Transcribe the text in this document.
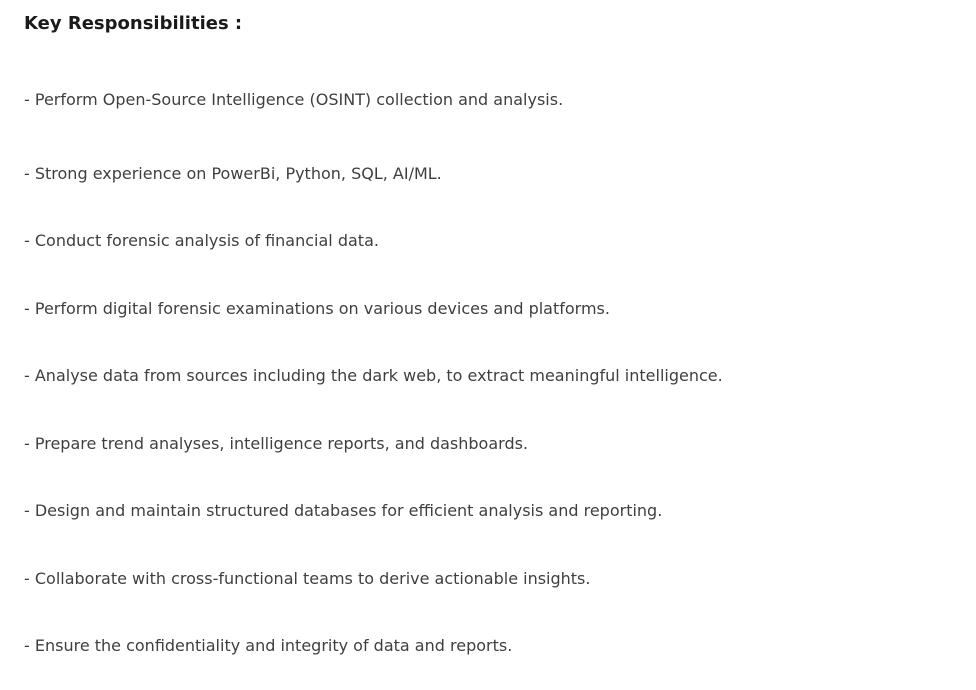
Key Responsibilities :

- Perform Open-Source Intelligence (OSINT) collection and analysis.

- Strong experience on PowerBi, Python, SQL, AI/ML.

- Conduct forensic analysis of financial data.

- Perform digital forensic examinations on various devices and platforms.

- Analyse data from sources including the dark web, to extract meaningful intelligence.

- Prepare trend analyses, intelligence reports, and dashboards.

- Design and maintain structured databases for efficient analysis and reporting.

- Collaborate with cross-functional teams to derive actionable insights.

- Ensure the confidentiality and integrity of data and reports.
